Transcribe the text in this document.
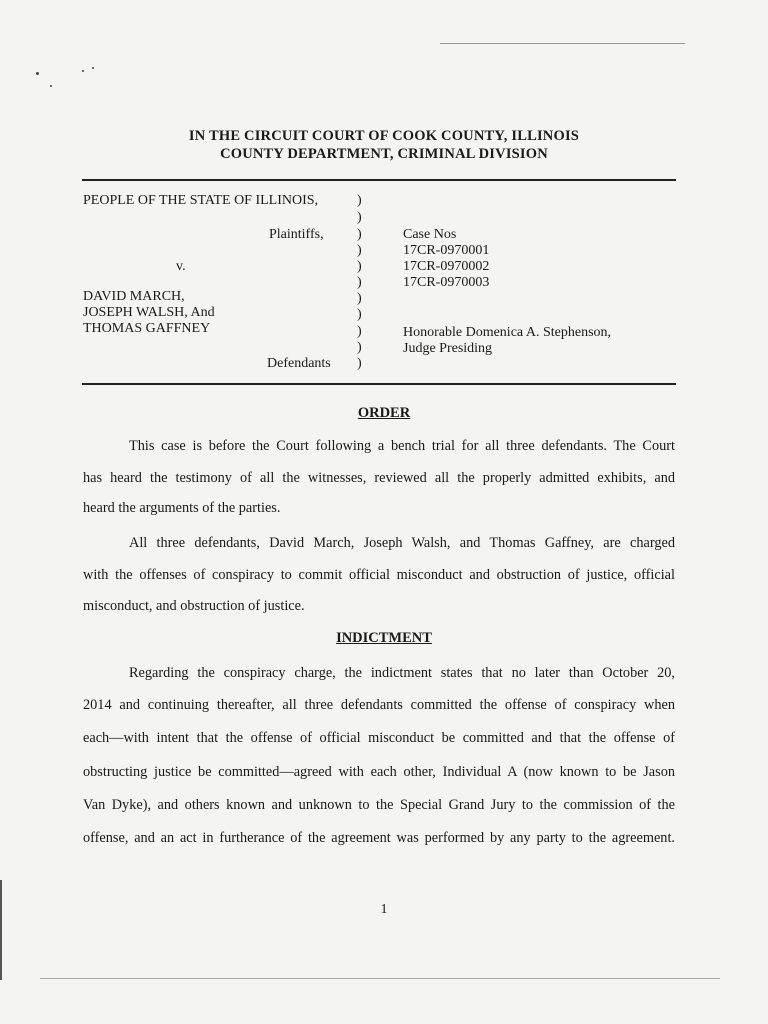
IN THE CIRCUIT COURT OF COOK COUNTY, ILLINOIS
COUNTY DEPARTMENT, CRIMINAL DIVISION
PEOPLE OF THE STATE OF ILLINOIS,
Plaintiffs,
v.
DAVID MARCH,
JOSEPH WALSH, And
THOMAS GAFFNEY
Defendants
)
)
)
)
)
)
)
)
)
)
)
Case Nos
17CR-0970001
17CR-0970002
17CR-0970003
Honorable Domenica A. Stephenson,
Judge Presiding
ORDER
This case is before the Court following a bench trial for all three defendants. The Court
has heard the testimony of all the witnesses, reviewed all the properly admitted exhibits, and
heard the arguments of the parties.
All three defendants, David March, Joseph Walsh, and Thomas Gaffney, are charged
with the offenses of conspiracy to commit official misconduct and obstruction of justice, official
misconduct, and obstruction of justice.
INDICTMENT
Regarding the conspiracy charge, the indictment states that no later than October 20,
2014 and continuing thereafter, all three defendants committed the offense of conspiracy when
each—with intent that the offense of official misconduct be committed and that the offense of
obstructing justice be committed—agreed with each other, Individual A (now known to be Jason
Van Dyke), and others known and unknown to the Special Grand Jury to the commission of the
offense, and an act in furtherance of the agreement was performed by any party to the agreement.
1
